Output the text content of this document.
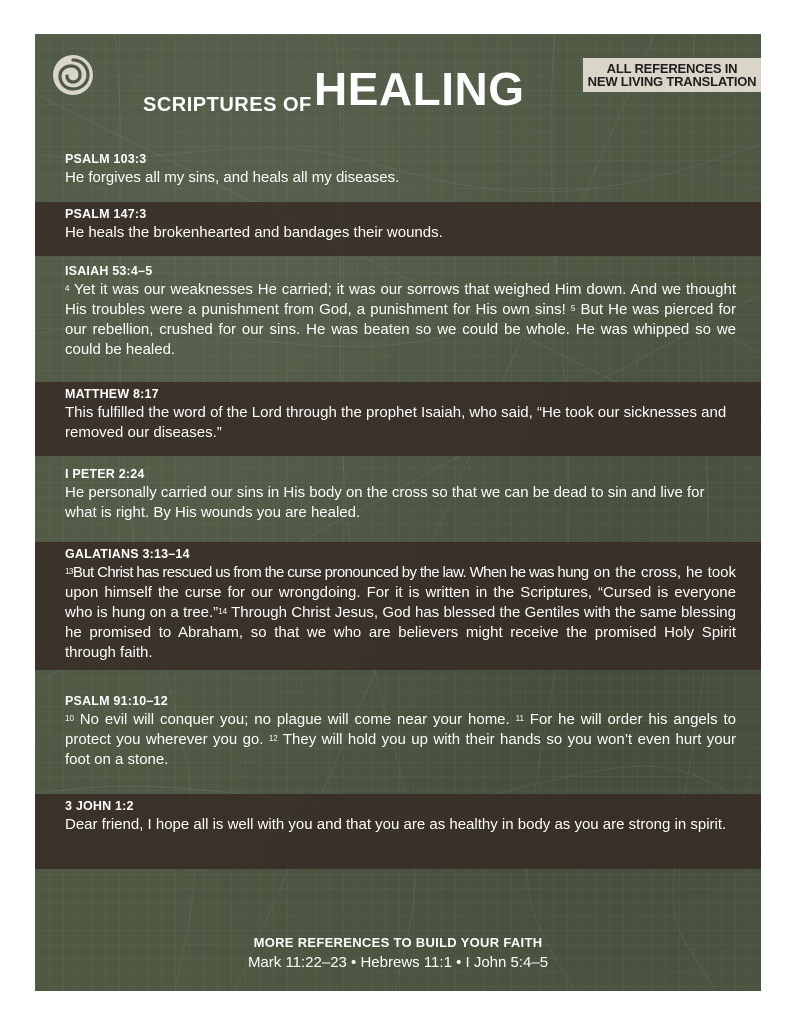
SCRIPTURES OF HEALING	ALL REFERENCES IN
NEW LIVING TRANSLATION
PSALM 103:3
He forgives all my sins, and heals all my diseases.
PSALM 147:3
He heals the brokenhearted and bandages their wounds.
ISAIAH 53:4–5
$^4$ Yet it was our weaknesses He carried; it was our sorrows that weighed Him down. And we thought His troubles were a punishment from God, a punishment for His own sins! $^5$ But He was pierced for our rebellion, crushed for our sins. He was beaten so we could be whole. He was whipped so we could be healed.
MATTHEW 8:17
This fulfilled the word of the Lord through the prophet Isaiah, who said, “He took our sicknesses and removed our diseases.”
I PETER 2:24
He personally carried our sins in His body on the cross so that we can be dead to sin and live for what is right. By His wounds you are healed.
GALATIANS 3:13–14
$^{13}$But Christ has rescued us from the curse pronounced by the law. When he was hung on the cross, he took upon himself the curse for our wrongdoing. For it is written in the Scriptures, “Cursed is everyone who is hung on a tree.”$^{14}$ Through Christ Jesus, God has blessed the Gentiles with the same blessing he promised to Abraham, so that we who are believers might receive the promised Holy Spirit through faith.
PSALM 91:10–12
$^{10}$ No evil will conquer you; no plague will come near your home. $^{11}$ For he will order his angels to protect you wherever you go. $^{12}$ They will hold you up with their hands so you won’t even hurt your foot on a stone.
3 JOHN 1:2
Dear friend, I hope all is well with you and that you are as healthy in body as you are strong in spirit.
MORE REFERENCES TO BUILD YOUR FAITH
Mark 11:22–23 • Hebrews 11:1 • I John 5:4–5
